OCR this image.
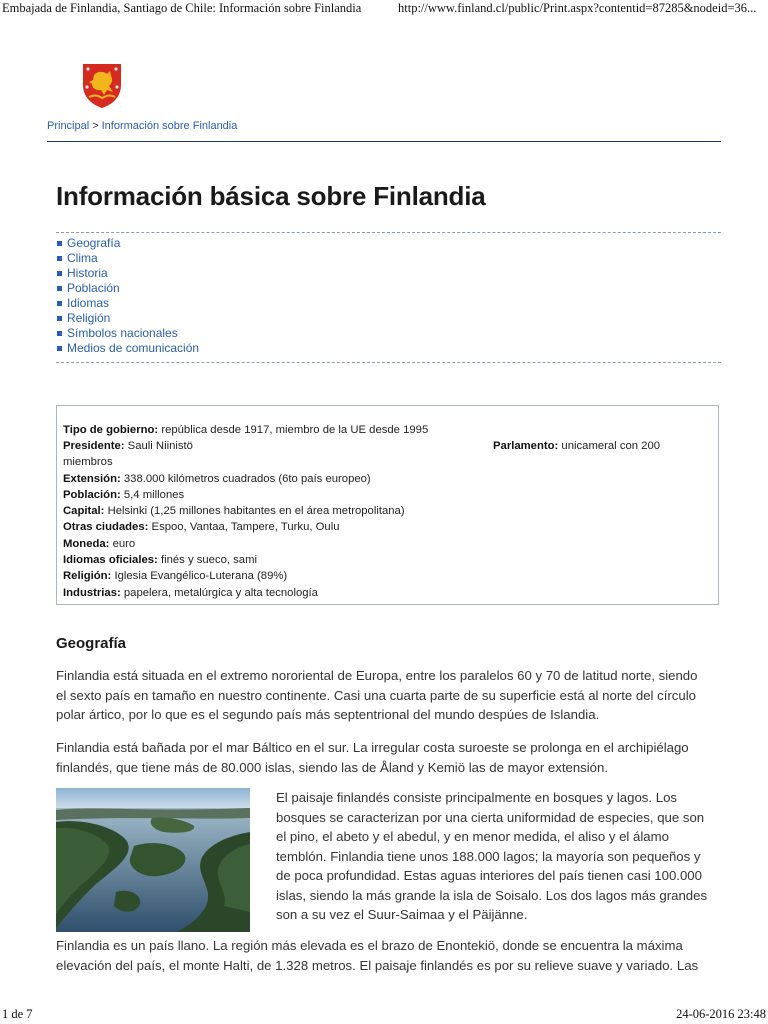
Embajada de Finlandia, Santiago de Chile: Información sobre Finlandia	http://www.finland.cl/public/Print.aspx?contentid=87285&nodeid=36...
Principal > Información sobre Finlandia
Información básica sobre Finlandia
Geografía
Clima
Historia
Población
Idiomas
Religión
Símbolos nacionales
Medios de comunicación
Tipo de gobierno: república desde 1917, miembro de la UE desde 1995
Presidente: Sauli Niinistö	Parlamento: unicameral con 200
miembros
Extensión: 338.000 kilómetros cuadrados (6to país europeo)
Población: 5,4 millones
Capital: Helsinki (1,25 millones habitantes en el área metropolitana)
Otras ciudades: Espoo, Vantaa, Tampere, Turku, Oulu
Moneda: euro
Idiomas oficiales: finés y sueco, sami
Religión: Iglesia Evangélico-Luterana (89%)
Industrias: papelera, metalúrgica y alta tecnología
Geografía
Finlandia está situada en el extremo nororiental de Europa, entre los paralelos 60 y 70 de latitud norte, siendo
el sexto país en tamaño en nuestro continente. Casi una cuarta parte de su superficie está al norte del círculo
polar ártico, por lo que es el segundo país más septentrional del mundo despúes de Islandia.
Finlandia está bañada por el mar Báltico en el sur. La irregular costa suroeste se prolonga en el archipiélago
finlandés, que tiene más de 80.000 islas, siendo las de Åland y Kemiö las de mayor extensión.
El paisaje finlandés consiste principalmente en bosques y lagos. Los
bosques se caracterizan por una cierta uniformidad de especies, que son
el pino, el abeto y el abedul, y en menor medida, el aliso y el álamo
temblón. Finlandia tiene unos 188.000 lagos; la mayoría son pequeños y
de poca profundidad. Estas aguas interiores del país tienen casi 100.000
islas, siendo la más grande la isla de Soisalo. Los dos lagos más grandes
son a su vez el Suur-Saimaa y el Päijänne.
Finlandia es un país llano. La región más elevada es el brazo de Enontekiö, donde se encuentra la máxima
elevación del país, el monte Halti, de 1.328 metros. El paisaje finlandés es por su relieve suave y variado. Las
1 de 7	24-06-2016 23:48
